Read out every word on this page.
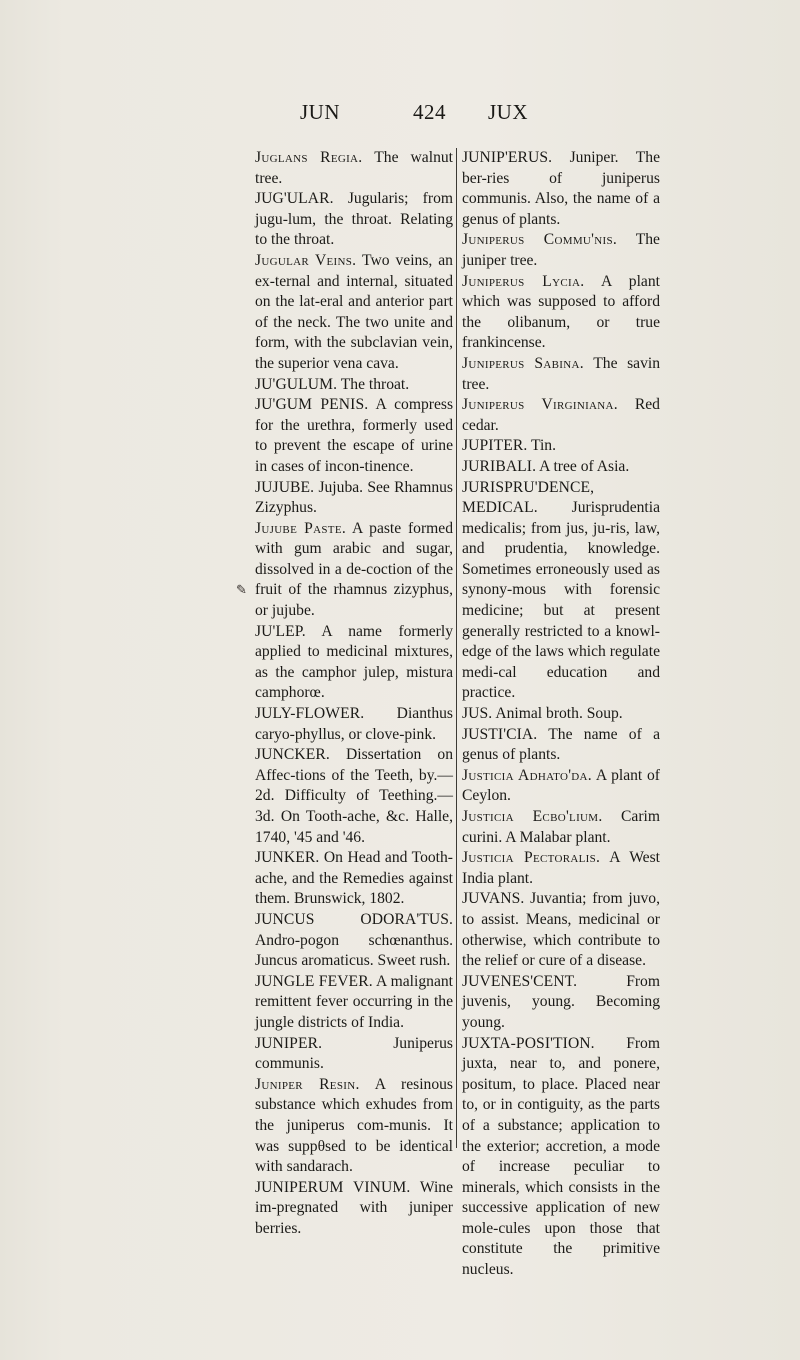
JUN	424 JUX

Juglans Regia. The walnut tree.

JUG'ULAR. Jugularis; from jugu-lum, the throat. Relating to the throat.

Jugular Veins. Two veins, an ex-ternal and internal, situated on the lat-eral and anterior part of the neck. The two unite and form, with the subclavian vein, the superior vena cava.

JU'GULUM. The throat.

JU'GUM PENIS. A compress for the urethra, formerly used to prevent the escape of urine in cases of incon-tinence.

JUJUBE. Jujuba. See Rhamnus Zizyphus.

Jujube Paste. A paste formed with gum arabic and sugar, dissolved in a de-coction of the fruit of the rhamnus zizyphus, or jujube.

JU'LEP. A name formerly applied to medicinal mixtures, as the camphor julep, mistura camphorœ.

JULY-FLOWER. Dianthus caryo-phyllus, or clove-pink.

JUNCKER. Dissertation on Affec-tions of the Teeth, by.—2d. Difficulty of Teething.—3d. On Tooth-ache, &c. Halle, 1740, '45 and '46.

JUNKER. On Head and Tooth-ache, and the Remedies against them. Brunswick, 1802.

JUNCUS ODORA'TUS. Andro-pogon schœnanthus. Juncus aromaticus. Sweet rush.

JUNGLE FEVER. A malignant remittent fever occurring in the jungle districts of India.

JUNIPER. Juniperus communis.

Juniper Resin. A resinous substance which exhudes from the juniperus com-munis. It was suppθsed to be identical with sandarach.

JUNIPERUM VINUM. Wine im-pregnated with juniper berries.

JUNIP'ERUS. Juniper. The ber-ries of juniperus communis. Also, the name of a genus of plants.

Juniperus Commu'nis. The juniper tree.

Juniperus Lycia. A plant which was supposed to afford the olibanum, or true frankincense.

Juniperus Sabina. The savin tree.

Juniperus Virginiana. Red cedar.

JUPITER. Tin.

JURIBALI. A tree of Asia.

JURISPRU'DENCE, MEDICAL. Jurisprudentia medicalis; from jus, ju-ris, law, and prudentia, knowledge. Sometimes erroneously used as synony-mous with forensic medicine; but at present generally restricted to a knowl-edge of the laws which regulate medi-cal education and practice.

JUS. Animal broth. Soup.

JUSTI'CIA. The name of a genus of plants.

Justicia Adhato'da. A plant of Ceylon.

Justicia Ecbo'lium. Carim curini. A Malabar plant.

Justicia Pectoralis. A West India plant.

JUVANS. Juvantia; from juvo, to assist. Means, medicinal or otherwise, which contribute to the relief or cure of a disease.

JUVENES'CENT. From juvenis, young. Becoming young.

JUXTA-POSI'TION. From juxta, near to, and ponere, positum, to place. Placed near to, or in contiguity, as the parts of a substance; application to the exterior; accretion, a mode of increase peculiar to minerals, which consists in the successive application of new mole-cules upon those that constitute the primitive nucleus.

✎
